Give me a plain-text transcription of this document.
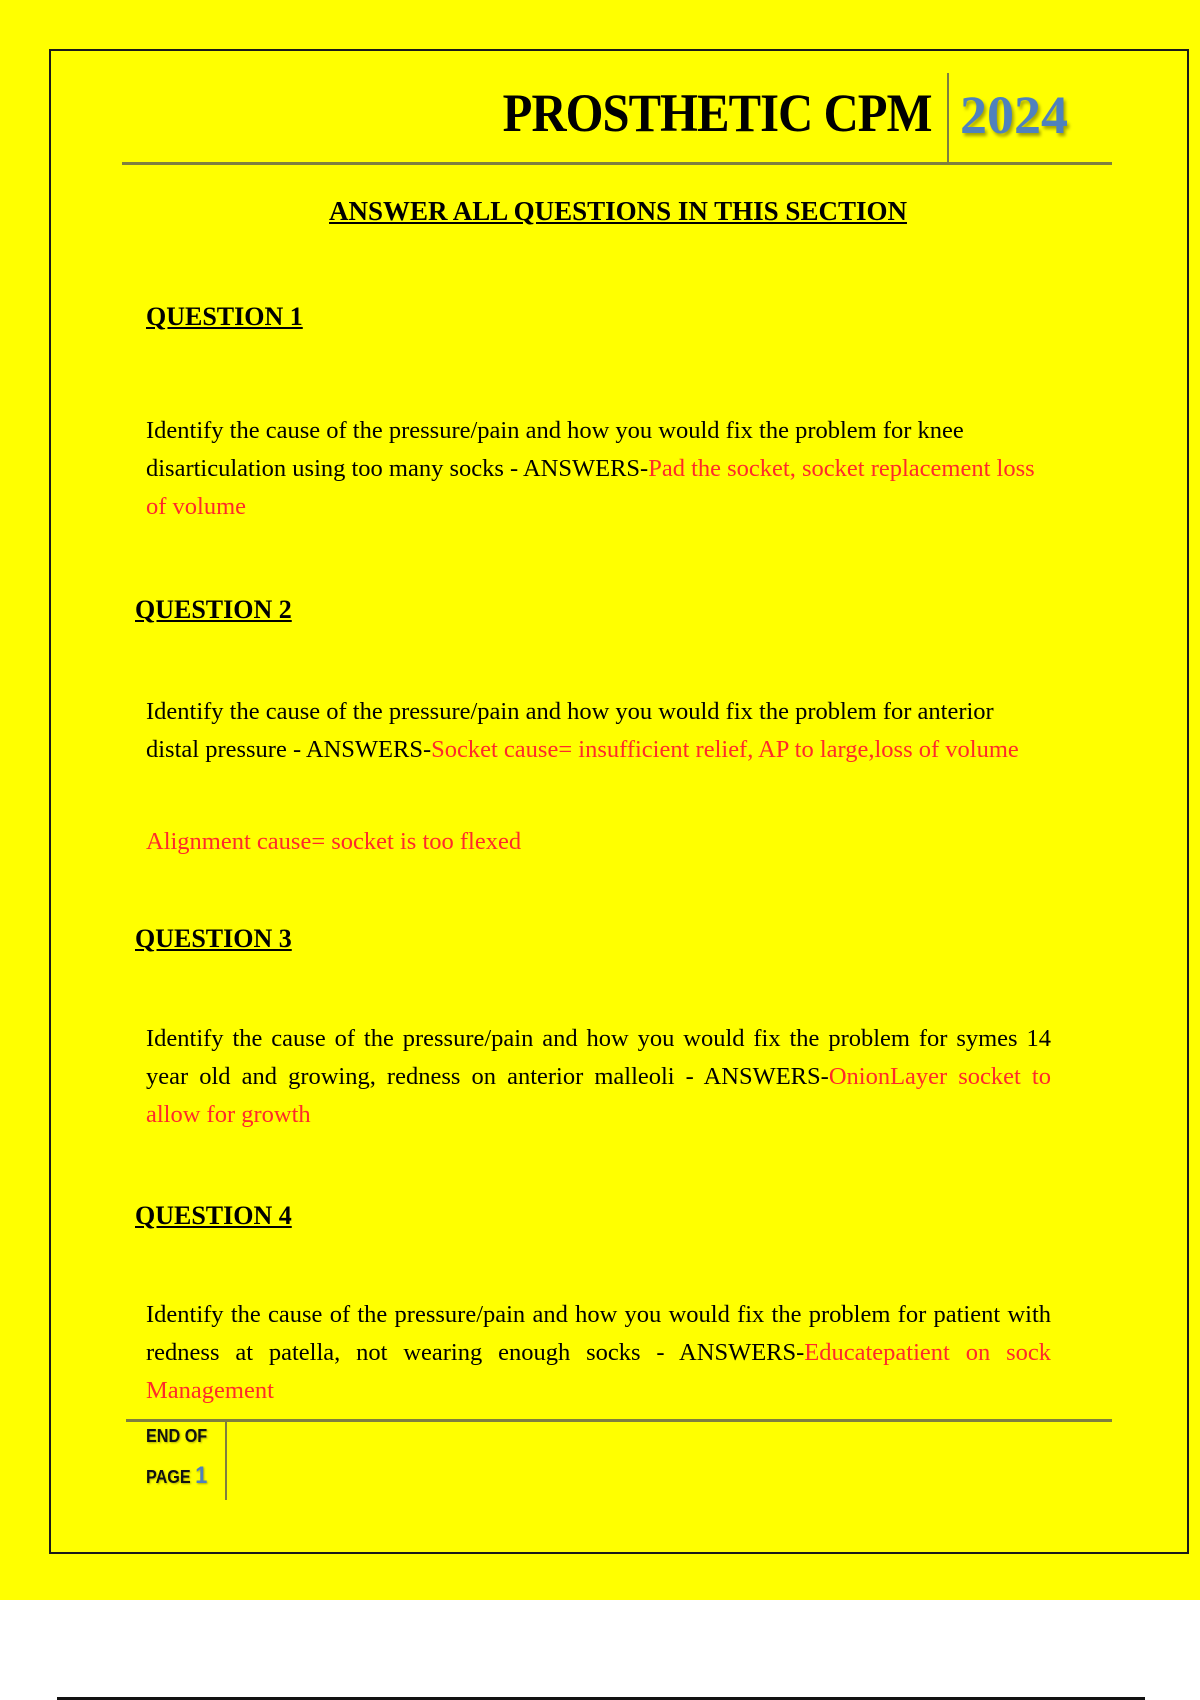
PROSTHETIC CPM 2024
ANSWER ALL QUESTIONS IN THIS SECTION
QUESTION 1
Identify the cause of the pressure/pain and how you would fix the problem for knee disarticulation using too many socks - ANSWERS-Pad the socket, socket replacement loss of volume
QUESTION 2
Identify the cause of the pressure/pain and how you would fix the problem for anterior distal pressure - ANSWERS-Socket cause= insufficient relief, AP to large,loss of volume
Alignment cause= socket is too flexed
QUESTION 3
Identify the cause of the pressure/pain and how you would fix the problem for symes 14 year old and growing, redness on anterior malleoli - ANSWERS-OnionLayer socket to allow for growth
QUESTION 4
Identify the cause of the pressure/pain and how you would fix the problem for patient with redness at patella, not wearing enough socks - ANSWERS-Educatepatient on sock Management
END OF
PAGE 1
